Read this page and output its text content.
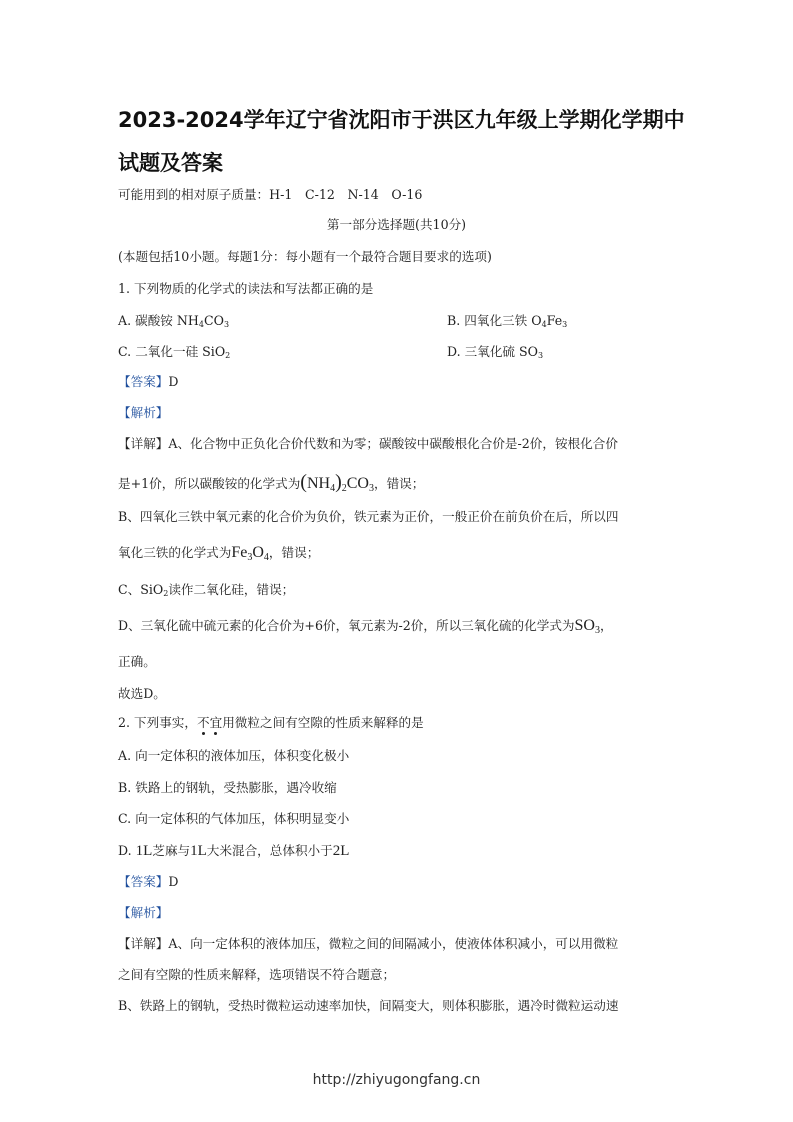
2023-2024学年辽宁省沈阳市于洪区九年级上学期化学期中
试题及答案
可能用到的相对原子质量：H-1　C-12　N-14　O-16
第一部分选择题(共10分)
(本题包括10小题。每题1分：每小题有一个最符合题目要求的选项)
1. 下列物质的化学式的读法和写法都正确的是
A. 碳酸铵 $NH_4CO_3$	B. 四氧化三铁 $O_4Fe_3$
C. 二氧化一硅 SiO$_2$	D. 三氧化硫 $SO_3$
【答案】D
【解析】
【详解】A、化合物中正负化合价代数和为零；碳酸铵中碳酸根化合价是-2价，铵根化合价
是+1价，所以碳酸铵的化学式为(NH4)2CO3，错误；
B、四氧化三铁中氧元素的化合价为负价，铁元素为正价，一般正价在前负价在后，所以四
氧化三铁的化学式为Fe3O4，错误；
C、SiO$_2$读作二氧化硅，错误；
D、三氧化硫中硫元素的化合价为+6价，氧元素为-2价，所以三氧化硫的化学式为SO3，
正确。
故选D。
2. 下列事实，不宜用微粒之间有空隙的性质来解释的是
A. 向一定体积的液体加压，体积变化极小
B. 铁路上的钢轨，受热膨胀，遇冷收缩
C. 向一定体积的气体加压，体积明显变小
D. 1L芝麻与1L大米混合，总体积小于2L
【答案】D
【解析】
【详解】A、向一定体积的液体加压，微粒之间的间隔减小，使液体体积减小，可以用微粒
之间有空隙的性质来解释，选项错误不符合题意；
B、铁路上的钢轨，受热时微粒运动速率加快，间隔变大，则体积膨胀，遇冷时微粒运动速
http://zhiyugongfang.cn
